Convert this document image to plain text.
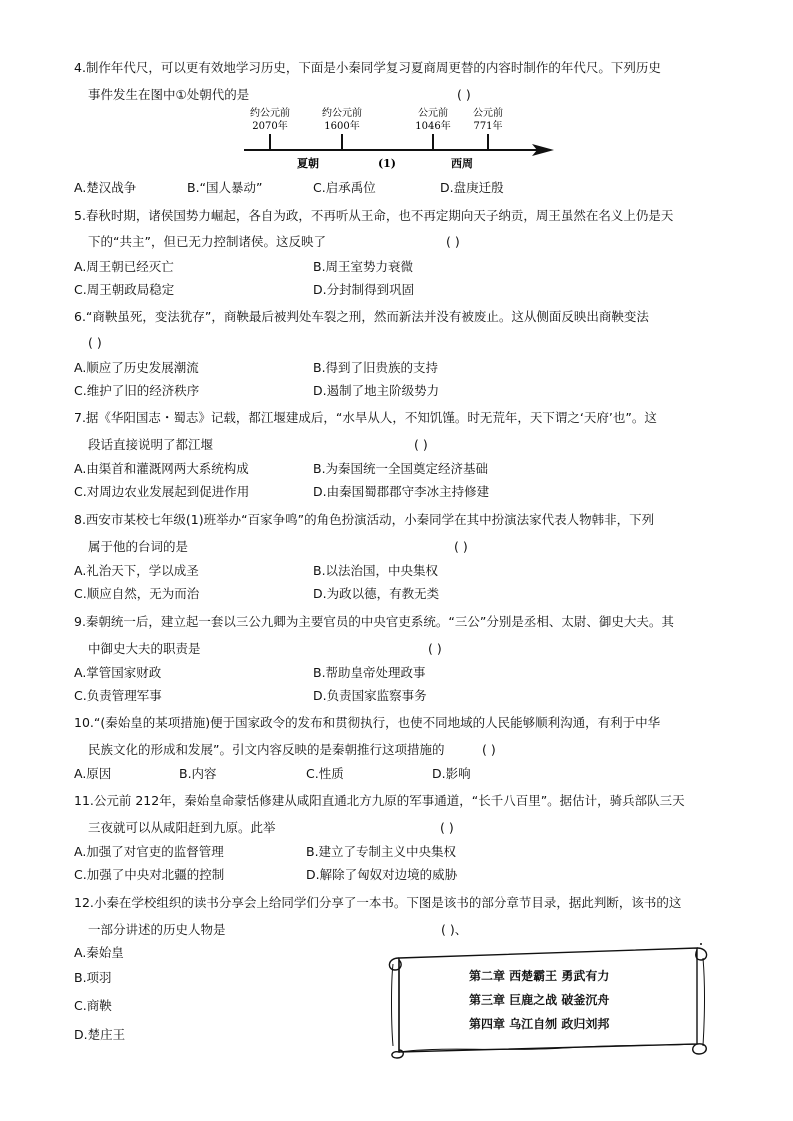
4.制作年代尺，可以更有效地学习历史，下面是小秦同学复习夏商周更替的内容时制作的年代尺。下列历史
事件发生在图中①处朝代的是	( )
约公元前
2070年
约公元前
1600年
公元前
1046年
公元前
771年
夏朝	(1)	西周
A.楚汉战争	B.“国人暴动”	C.启承禹位	D.盘庚迁殷
5.春秋时期，诸侯国势力崛起，各自为政，不再听从王命，也不再定期向天子纳贡，周王虽然在名义上仍是天
下的“共主”，但已无力控制诸侯。这反映了	( )
A.周王朝已经灭亡	B.周王室势力衰微
C.周王朝政局稳定	D.分封制得到巩固
6.“商鞅虽死，变法犹存”，商鞅最后被判处车裂之刑，然而新法并没有被废止。这从侧面反映出商鞅变法
( )
A.顺应了历史发展潮流	B.得到了旧贵族的支持
C.维护了旧的经济秩序	D.遏制了地主阶级势力
7.据《华阳国志・蜀志》记载，都江堰建成后，“水旱从人，不知饥馑。时无荒年，天下谓之‘天府’也”。这
段话直接说明了都江堰	( )
A.由渠首和灌溉网两大系统构成	B.为秦国统一全国奠定经济基础
C.对周边农业发展起到促进作用	D.由秦国蜀郡郡守李冰主持修建
8.西安市某校七年级(1)班举办“百家争鸣”的角色扮演活动，小秦同学在其中扮演法家代表人物韩非，下列
属于他的台词的是	( )
A.礼治天下，学以成圣	B.以法治国，中央集权
C.顺应自然，无为而治	D.为政以德，有教无类
9.秦朝统一后，建立起一套以三公九卿为主要官员的中央官吏系统。“三公”分别是丞相、太尉、御史大夫。其
中御史大夫的职责是	( )
A.掌管国家财政	B.帮助皇帝处理政事
C.负责管理军事	D.负责国家监察事务
10.“(秦始皇的某项措施)便于国家政令的发布和贯彻执行，也使不同地域的人民能够顺利沟通，有利于中华
民族文化的形成和发展”。引文内容反映的是秦朝推行这项措施的	( )
A.原因	B.内容	C.性质	D.影响
11.公元前 212年，秦始皇命蒙恬修建从咸阳直通北方九原的军事通道，“长千八百里”。据估计，骑兵部队三天
三夜就可以从咸阳赶到九原。此举	( )
A.加强了对官吏的监督管理	B.建立了专制主义中央集权
C.加强了中央对北疆的控制	D.解除了匈奴对边境的威胁
12.小秦在学校组织的读书分享会上给同学们分享了一本书。下图是该书的部分章节目录，据此判断，该书的这
一部分讲述的历史人物是	( )、
A.秦始皇
B.项羽
C.商鞅
D.楚庄王
第二章 西楚霸王 勇武有力
第三章 巨鹿之战 破釜沉舟
第四章 乌江自刎 政归刘邦
